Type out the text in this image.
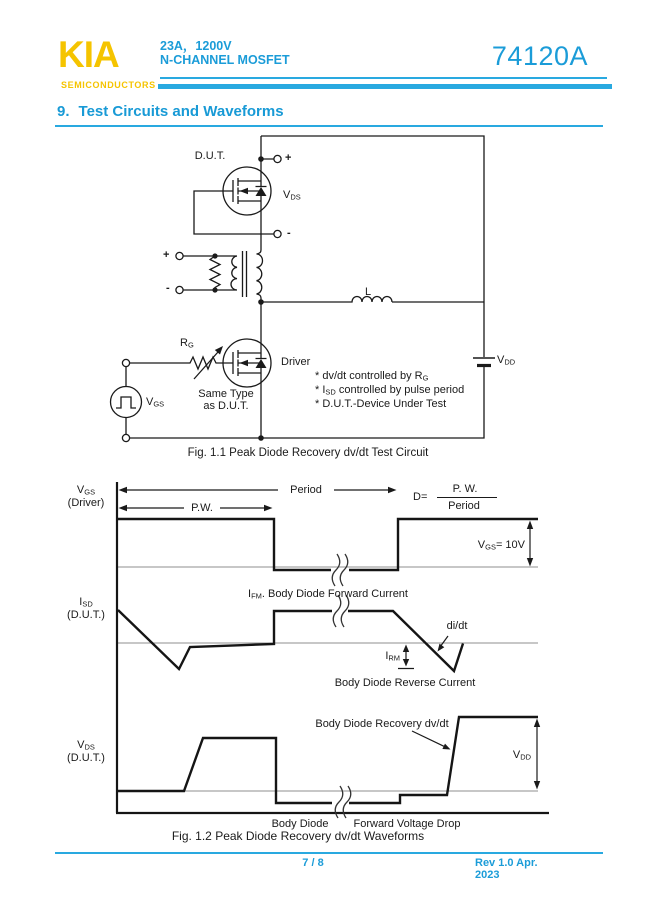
KIA
SEMICONDUCTORS
23A，1200V
N-CHANNEL MOSFET	74120A
9. Test Circuits and Waveforms
D.U.T.	+
$V_{DS}$
-
+
-	L
$R_G$
Driver
Same Type
as D.U.T.
$V_{GS}$
$V_{DD}$
* dv/dt controlled by $R_G$
* $I_{SD}$ controlled by pulse period
* D.U.T.-Device Under Test
Fig. 1.1 Peak Diode Recovery dv/dt Test Circuit
$V_{GS}$
(Driver)	P.W.
Period
D=
P. W.
Period
$V_{GS}= 10V$
$I_{SD}$
(D.U.T.)
$I_{FM}$. Body Diode Forward Current
di/dt
$I_{RM}$
Body Diode Reverse Current
$V_{DS}$
(D.U.T.)
Body Diode Recovery dv/dt
$V_{DD}$
Body Diode Forward Voltage Drop
Fig. 1.2 Peak Diode Recovery dv/dt Waveforms
7 / 8	Rev 1.0 Apr. 2023
